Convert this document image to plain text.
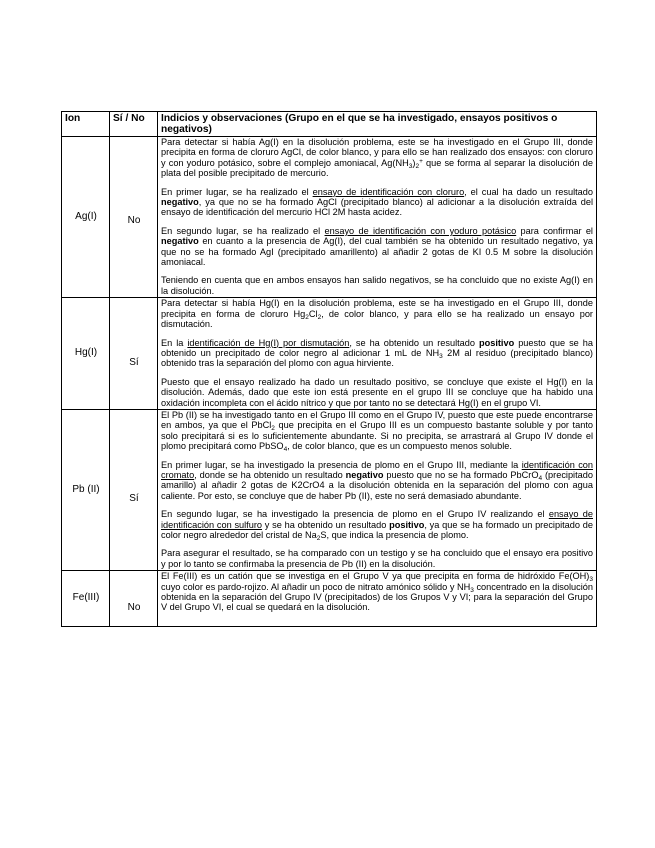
Ion	Sí / No	Indicios y observaciones (Grupo en el que se ha investigado, ensayos positivos o negativos)
Ag(I)	No	Para detectar si había Ag(I) en la disolución problema, este se ha investigado en el Grupo III, donde precipita en forma de cloruro AgCl, de color blanco, y para ello se han realizado dos ensayos: con cloruro y con yoduro potásico, sobre el complejo amoniacal, $Ag(NH_3)_2^+$ que se forma al separar la disolución de plata del posible precipitado de mercurio.

En primer lugar, se ha realizado el ensayo de identificación con cloruro, el cual ha dado un resultado negativo, ya que no se ha formado AgCl (precipitado blanco) al adicionar a la disolución extraída del ensayo de identificación del mercurio HCl 2M hasta acidez.

En segundo lugar, se ha realizado el ensayo de identificación con yoduro potásico para confirmar el negativo en cuanto a la presencia de Ag(I), del cual también se ha obtenido un resultado negativo, ya que no se ha formado AgI (precipitado amarillento) al añadir 2 gotas de KI 0.5 M sobre la disolución amoniacal.

Teniendo en cuenta que en ambos ensayos han salido negativos, se ha concluido que no existe Ag(I) en la disolución.

Hg(I)	Sí	Para detectar si había Hg(I) en la disolución problema, este se ha investigado en el Grupo III, donde precipita en forma de cloruro $Hg_2Cl_2$, de color blanco, y para ello se ha realizado un ensayo por dismutación.

En la identificación de Hg(I) por dismutación, se ha obtenido un resultado positivo puesto que se ha obtenido un precipitado de color negro al adicionar 1 mL de $NH_3$ 2M al residuo (precipitado blanco) obtenido tras la separación del plomo con agua hirviente.

Puesto que el ensayo realizado ha dado un resultado positivo, se concluye que existe el Hg(I) en la disolución. Además, dado que este ion está presente en el grupo III se concluye que ha habido una oxidación incompleta con el ácido nítrico y que por tanto no se detectará Hg(I) en el grupo VI.

Pb (II)	Sí	El Pb (II) se ha investigado tanto en el Grupo III como en el Grupo IV, puesto que este puede encontrarse en ambos, ya que el PbCl$_2$ que precipita en el Grupo III es un compuesto bastante soluble y por tanto solo precipitará si es lo suficientemente abundante. Si no precipita, se arrastrará al Grupo IV donde el plomo precipitará como PbSO$_4$, de color blanco, que es un compuesto menos soluble.

En primer lugar, se ha investigado la presencia de plomo en el Grupo III, mediante la identificación con cromato, donde se ha obtenido un resultado negativo puesto que no se ha formado PbCrO$_4$ (precipitado amarillo) al añadir 2 gotas de K2CrO4 a la disolución obtenida en la separación del plomo con agua caliente. Por esto, se concluye que de haber Pb (II), este no será demasiado abundante.

En segundo lugar, se ha investigado la presencia de plomo en el Grupo IV realizando el ensayo de identificación con sulfuro y se ha obtenido un resultado positivo, ya que se ha formado un precipitado de color negro alrededor del cristal de $Na_2S$, que indica la presencia de plomo.

Para asegurar el resultado, se ha comparado con un testigo y se ha concluido que el ensayo era positivo y por lo tanto se confirmaba la presencia de Pb (II) en la disolución.

Fe(III)	No	El Fe(III) es un catión que se investiga en el Grupo V ya que precipita en forma de hidróxido $Fe(OH)_3$ cuyo color es pardo-rojizo. Al añadir un poco de nitrato amónico sólido y $NH_3$ concentrado en la disolución obtenida en la separación del Grupo IV (precipitados) de los Grupos V y VI; para la separación del Grupo V del Grupo VI, el cual se quedará en la disolución.
